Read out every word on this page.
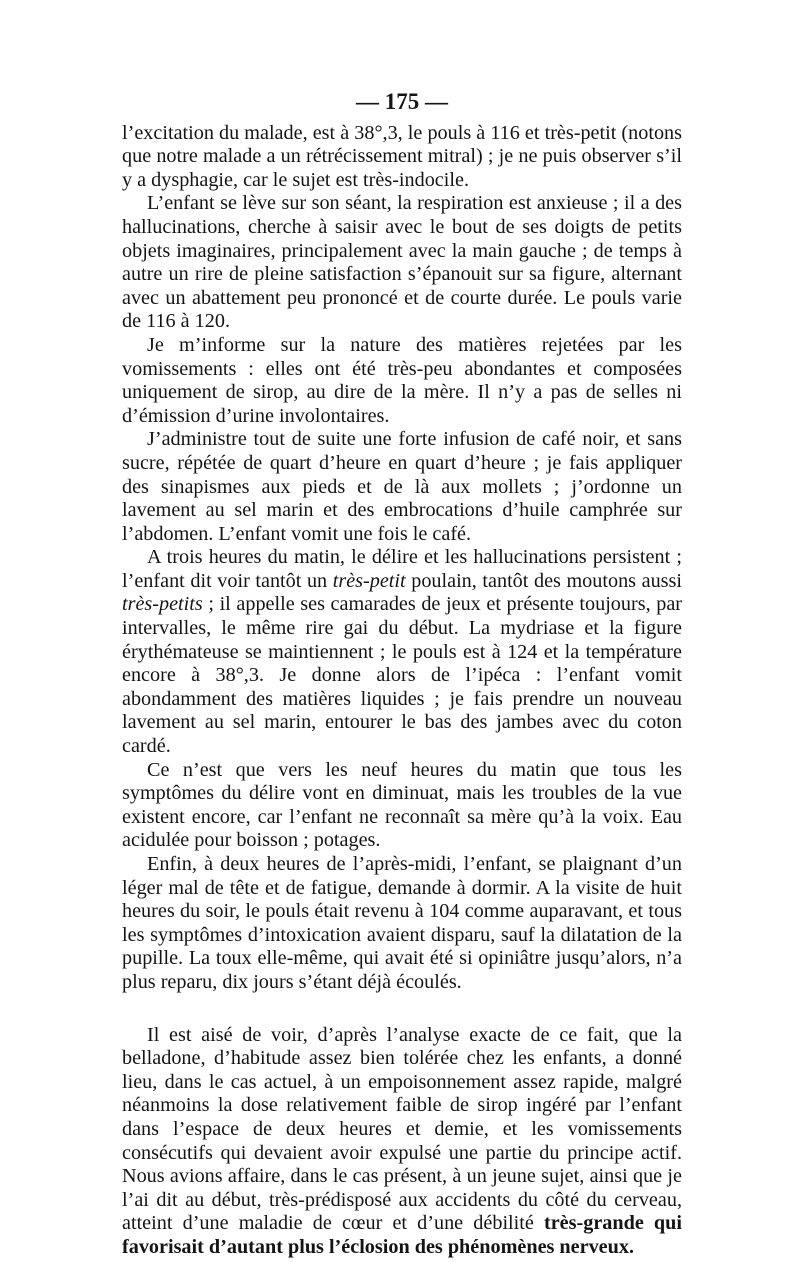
— 175 —

l’excitation du malade, est à 38°,3, le pouls à 116 et très-petit (notons que notre malade a un rétrécissement mitral) ; je ne puis observer s’il y a dysphagie, car le sujet est très-indocile.

L’enfant se lève sur son séant, la respiration est anxieuse ; il a des hallucinations, cherche à saisir avec le bout de ses doigts de petits objets imaginaires, principalement avec la main gauche ; de temps à autre un rire de pleine satisfaction s’épanouit sur sa figure, alternant avec un abattement peu prononcé et de courte durée. Le pouls varie de 116 à 120.

Je m’informe sur la nature des matières rejetées par les vomissements : elles ont été très-peu abondantes et composées uniquement de sirop, au dire de la mère. Il n’y a pas de selles ni d’émission d’urine involontaires.

J’administre tout de suite une forte infusion de café noir, et sans sucre, répétée de quart d’heure en quart d’heure ; je fais appliquer des sinapismes aux pieds et de là aux mollets ; j’ordonne un lavement au sel marin et des embrocations d’huile camphrée sur l’abdomen. L’enfant vomit une fois le café.

A trois heures du matin, le délire et les hallucinations persistent ; l’enfant dit voir tantôt un très-petit poulain, tantôt des moutons aussi très-petits ; il appelle ses camarades de jeux et présente toujours, par intervalles, le même rire gai du début. La mydriase et la figure érythémateuse se maintiennent ; le pouls est à 124 et la température encore à 38°,3. Je donne alors de l’ipéca : l’enfant vomit abondamment des matières liquides ; je fais prendre un nouveau lavement au sel marin, entourer le bas des jambes avec du coton cardé.

Ce n’est que vers les neuf heures du matin que tous les symptômes du délire vont en diminuat, mais les troubles de la vue existent encore, car l’enfant ne reconnaît sa mère qu’à la voix. Eau acidulée pour boisson ; potages.

Enfin, à deux heures de l’après-midi, l’enfant, se plaignant d’un léger mal de tête et de fatigue, demande à dormir. A la visite de huit heures du soir, le pouls était revenu à 104 comme auparavant, et tous les symptômes d’intoxication avaient disparu, sauf la dilatation de la pupille. La toux elle-même, qui avait été si opiniâtre jusqu’alors, n’a plus reparu, dix jours s’étant déjà écoulés.

Il est aisé de voir, d’après l’analyse exacte de ce fait, que la belladone, d’habitude assez bien tolérée chez les enfants, a donné lieu, dans le cas actuel, à un empoisonnement assez rapide, malgré néanmoins la dose relativement faible de sirop ingéré par l’enfant dans l’espace de deux heures et demie, et les vomissements consécutifs qui devaient avoir expulsé une partie du principe actif. Nous avions affaire, dans le cas présent, à un jeune sujet, ainsi que je l’ai dit au début, très-prédisposé aux accidents du côté du cerveau, atteint d’une maladie de cœur et d’une débilité très-grande qui favorisait d’autant plus l’éclosion des phénomènes nerveux.
